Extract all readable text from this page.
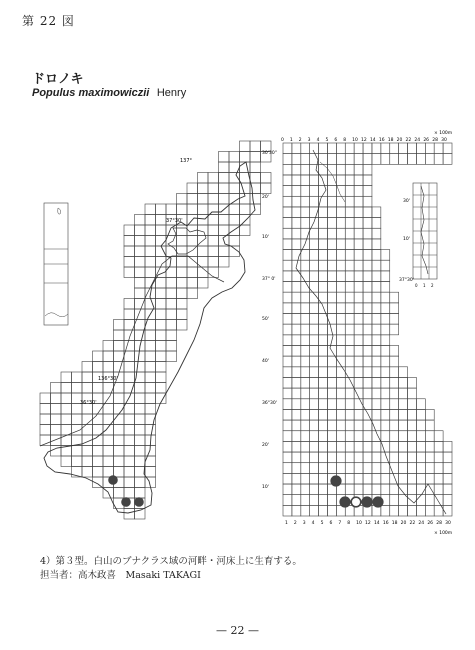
第 22 図
ドロノキ
Populus maximowiczii Henry
137°
37°30'
136°30'
36°30'
0 1 2 3 4 5 6 8 10 12 14 16 18 20 22 24 26 28 30
1 2 3 4 5 6 7 8 10 12 14 16 18 20 22 24 26 28 30
30'30"
20'
10'
37° 0'
50'
40'
36°30'
20'
10'
× 100m
× 100m
30'
10'
37°30'
0 1 2
4）第３型。白山のブナクラス域の河畔・河床上に生育する。
担当者：高木政喜　Masaki TAKAGI
— 22 —
